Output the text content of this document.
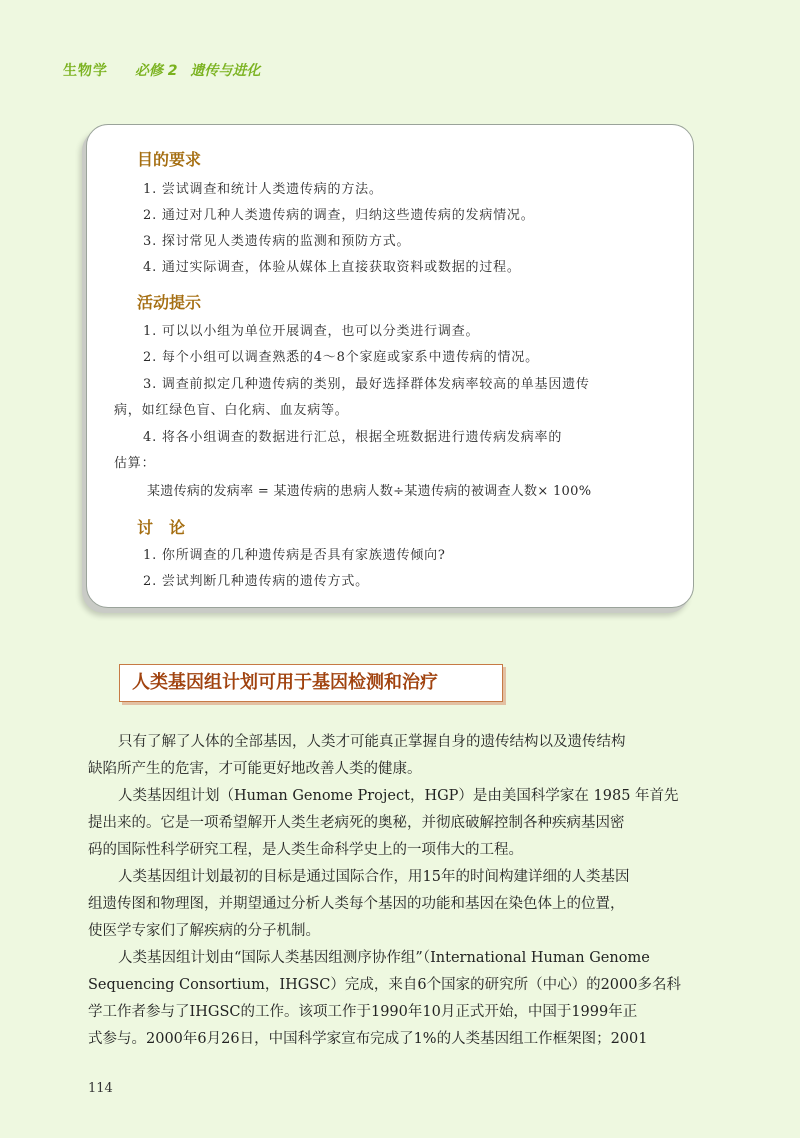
生物学 必修 2 遗传与进化
目的要求
1. 尝试调查和统计人类遗传病的方法。
2. 通过对几种人类遗传病的调查，归纳这些遗传病的发病情况。
3. 探讨常见人类遗传病的监测和预防方式。
4. 通过实际调查，体验从媒体上直接获取资料或数据的过程。
活动提示
1. 可以以小组为单位开展调查，也可以分类进行调查。
2. 每个小组可以调查熟悉的4～8个家庭或家系中遗传病的情况。
3. 调查前拟定几种遗传病的类别，最好选择群体发病率较高的单基因遗传
病，如红绿色盲、白化病、血友病等。
4. 将各小组调查的数据进行汇总，根据全班数据进行遗传病发病率的
估算：
某遗传病的发病率 = 某遗传病的患病人数÷某遗传病的被调查人数× 100%
讨　论
1. 你所调查的几种遗传病是否具有家族遗传倾向?
2. 尝试判断几种遗传病的遗传方式。
人类基因组计划可用于基因检测和治疗
只有了解了人体的全部基因，人类才可能真正掌握自身的遗传结构以及遗传结构
缺陷所产生的危害，才可能更好地改善人类的健康。
人类基因组计划（Human Genome Project，HGP）是由美国科学家在 1985 年首先
提出来的。它是一项希望解开人类生老病死的奥秘，并彻底破解控制各种疾病基因密
码的国际性科学研究工程，是人类生命科学史上的一项伟大的工程。
人类基因组计划最初的目标是通过国际合作，用15年的时间构建详细的人类基因
组遗传图和物理图，并期望通过分析人类每个基因的功能和基因在染色体上的位置，
使医学专家们了解疾病的分子机制。
人类基因组计划由“国际人类基因组测序协作组”（International Human Genome
Sequencing Consortium，IHGSC）完成，来自6个国家的研究所（中心）的2000多名科
学工作者参与了IHGSC的工作。该项工作于1990年10月正式开始，中国于1999年正
式参与。2000年6月26日，中国科学家宣布完成了1%的人类基因组工作框架图；2001
114
